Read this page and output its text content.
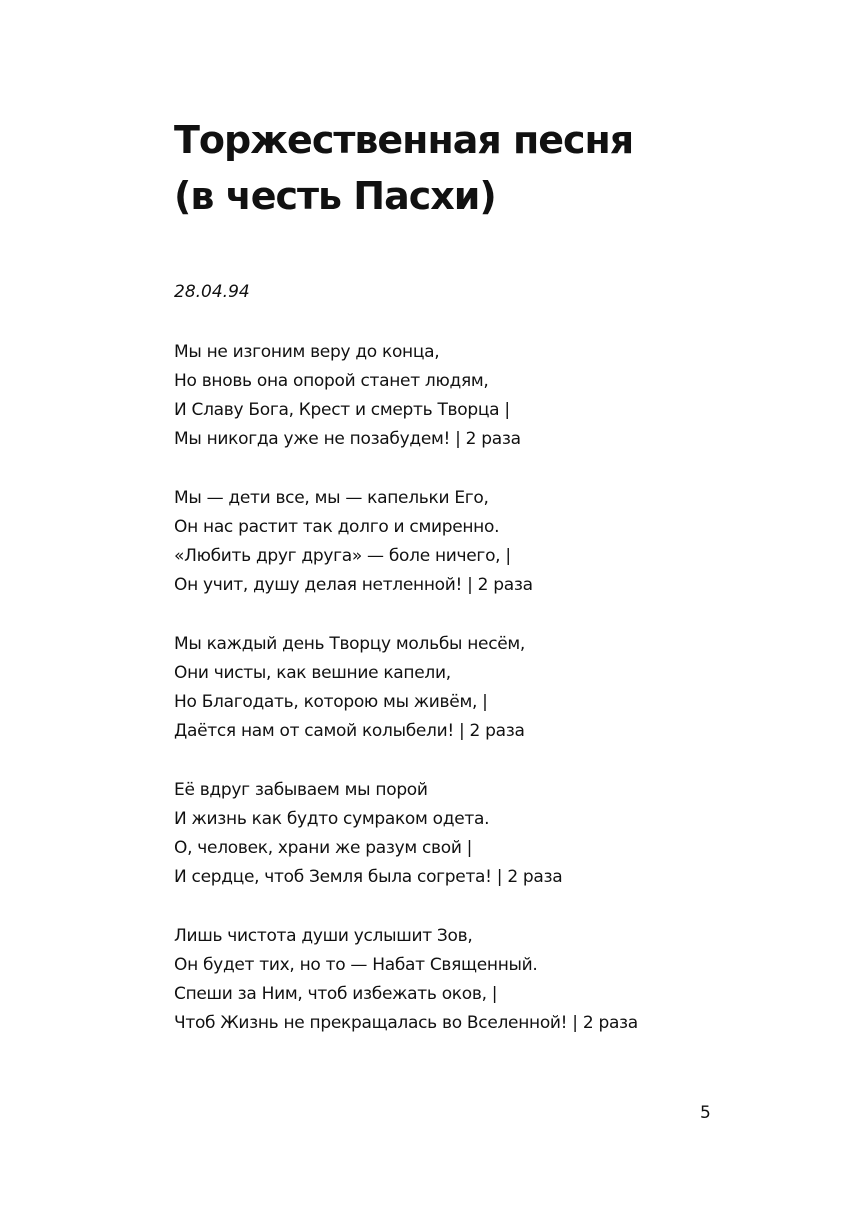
Торжественная песня
(в честь Пасхи)

28.04.94

Мы не изгоним веру до конца,
Но вновь она опорой станет людям,
И Славу Бога, Крест и смерть Творца |
Мы никогда уже не позабудем! | 2 раза
Мы — дети все, мы — капельки Его,
Он нас растит так долго и смиренно.
«Любить друг друга» — боле ничего, |
Он учит, душу делая нетленной! | 2 раза
Мы каждый день Творцу мольбы несём,
Они чисты, как вешние капели,
Но Благодать, которою мы живём, |
Даётся нам от самой колыбели! | 2 раза
Её вдруг забываем мы порой
И жизнь как будто сумраком одета.
О, человек, храни же разум свой |
И сердце, чтоб Земля была согрета! | 2 раза
Лишь чистота души услышит Зов,
Он будет тих, но то — Набат Священный.
Спеши за Ним, чтоб избежать оков, |
Чтоб Жизнь не прекращалась во Вселенной! | 2 раза
5
